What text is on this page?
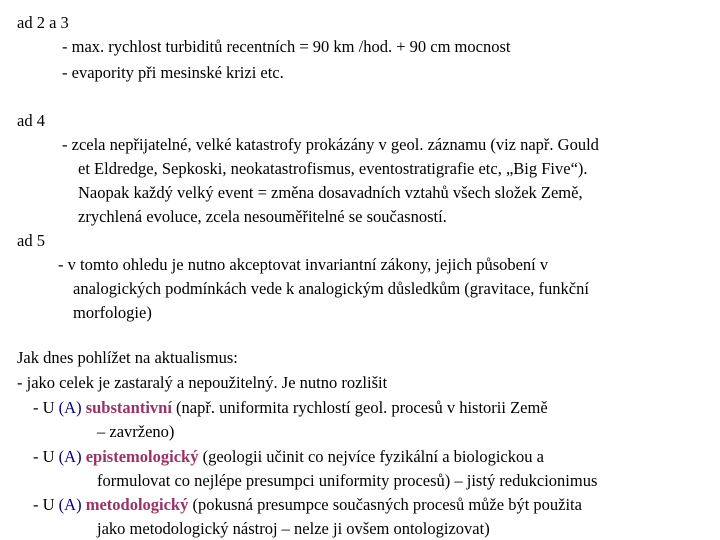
ad 2 a 3
- max. rychlost turbiditů recentních = 90 km /hod. + 90 cm mocnost
- evapority při mesinské krizi etc.
ad 4
- zcela nepřijatelné, velké katastrofy prokázány v geol. záznamu (viz např. Gould
et Eldredge, Sepkoski, neokatastrofismus, eventostratigrafie etc, „Big Five“).
Naopak každý velký event = změna dosavadních vztahů všech složek Země,
zrychlená evoluce, zcela nesouměřitelné se současností.
ad 5
- v tomto ohledu je nutno akceptovat invariantní zákony, jejich působení v
analogických podmínkách vede k analogickým důsledkům (gravitace, funkční
morfologie)
Jak dnes pohlížet na aktualismus:
- jako celek je zastaralý a nepoužitelný. Je nutno rozlišit
- U (A) substantivní (např. uniformita rychlostí geol. procesů v historii Země
– zavrženo)
- U (A) epistemologický (geologii učinit co nejvíce fyzikální a biologickou a
formulovat co nejlépe presumpci uniformity procesů) – jistý redukcionimus
- U (A) metodologický (pokusná presumpce současných procesů může být použita
jako metodologický nástroj – nelze ji ovšem ontologizovat)
